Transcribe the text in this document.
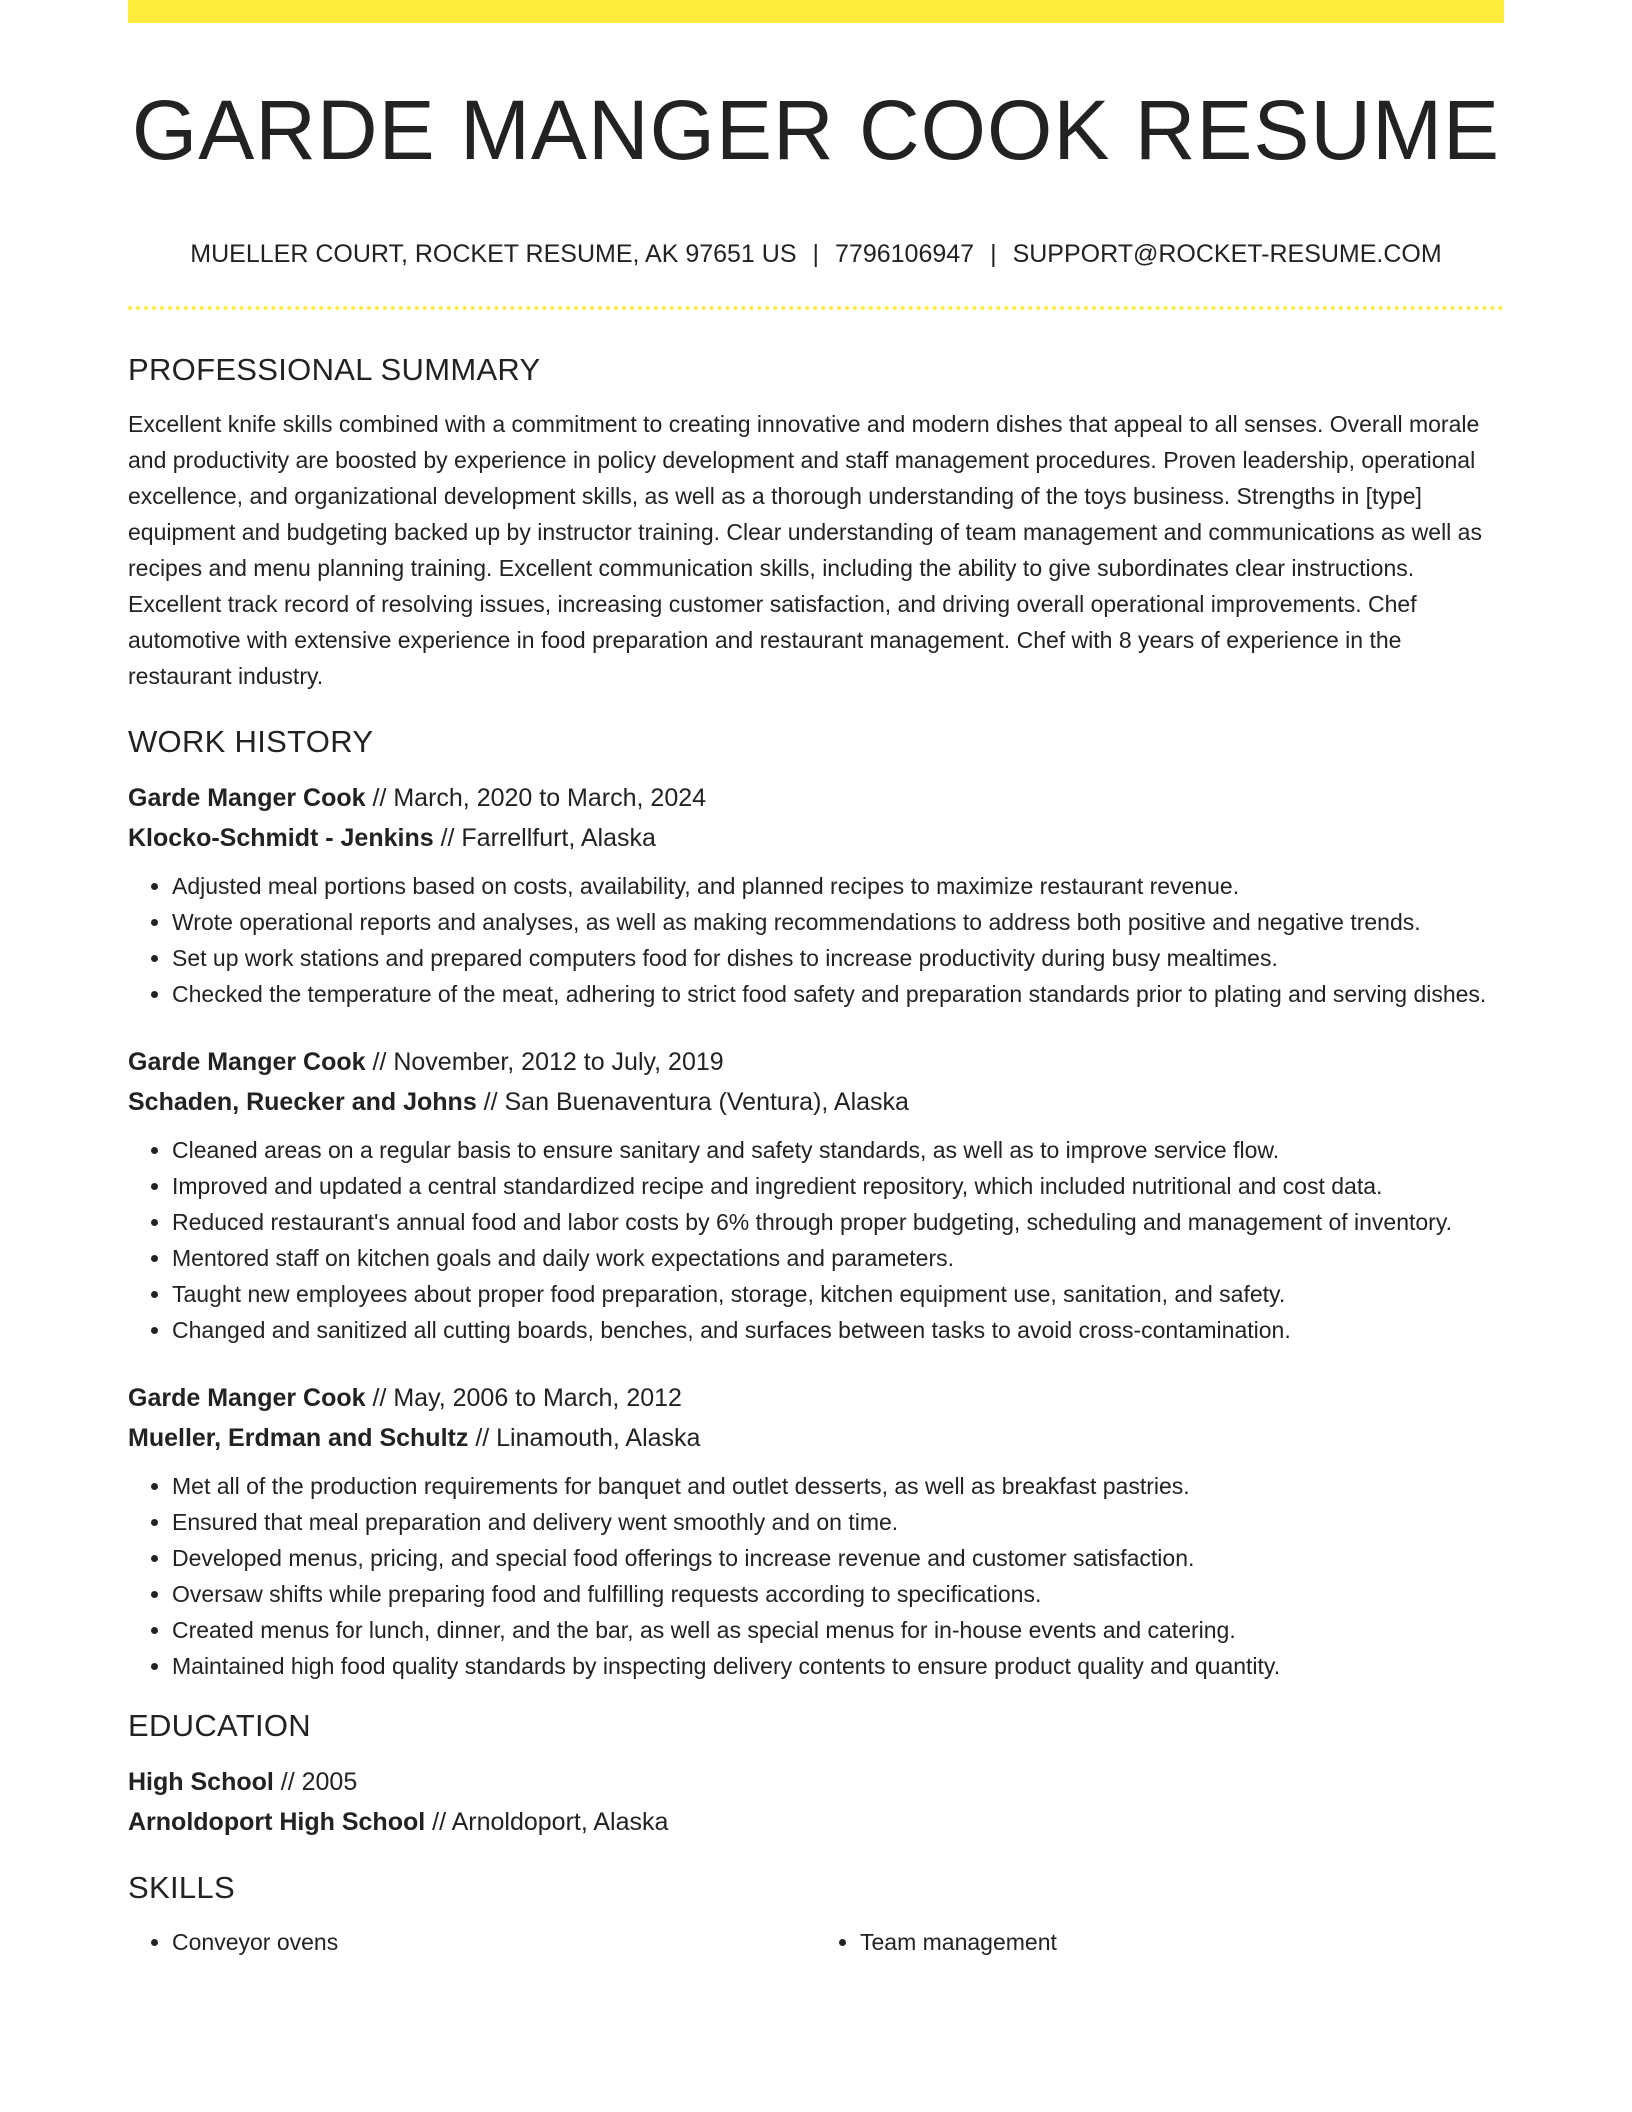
GARDE MANGER COOK RESUME
MUELLER COURT, ROCKET RESUME, AK 97651 US | 7796106947 | SUPPORT@ROCKET-RESUME.COM
PROFESSIONAL SUMMARY

Excellent knife skills combined with a commitment to creating innovative and modern dishes that appeal to all senses. Overall morale and productivity are boosted by experience in policy development and staff management procedures. Proven leadership, operational excellence, and organizational development skills, as well as a thorough understanding of the toys business. Strengths in [type] equipment and budgeting backed up by instructor training. Clear understanding of team management and communications as well as recipes and menu planning training. Excellent communication skills, including the ability to give subordinates clear instructions. Excellent track record of resolving issues, increasing customer satisfaction, and driving overall operational improvements. Chef automotive with extensive experience in food preparation and restaurant management. Chef with 8 years of experience in the restaurant industry.

WORK HISTORY
Garde Manger Cook // March, 2020 to March, 2024
Klocko-Schmidt - Jenkins // Farrellfurt, Alaska
• Adjusted meal portions based on costs, availability, and planned recipes to maximize restaurant revenue.
• Wrote operational reports and analyses, as well as making recommendations to address both positive and negative trends.
• Set up work stations and prepared computers food for dishes to increase productivity during busy mealtimes.
• Checked the temperature of the meat, adhering to strict food safety and preparation standards prior to plating and serving dishes.
Garde Manger Cook // November, 2012 to July, 2019
Schaden, Ruecker and Johns // San Buenaventura (Ventura), Alaska
• Cleaned areas on a regular basis to ensure sanitary and safety standards, as well as to improve service flow.
• Improved and updated a central standardized recipe and ingredient repository, which included nutritional and cost data.
• Reduced restaurant's annual food and labor costs by 6% through proper budgeting, scheduling and management of inventory.
• Mentored staff on kitchen goals and daily work expectations and parameters.
• Taught new employees about proper food preparation, storage, kitchen equipment use, sanitation, and safety.
• Changed and sanitized all cutting boards, benches, and surfaces between tasks to avoid cross-contamination.
Garde Manger Cook // May, 2006 to March, 2012
Mueller, Erdman and Schultz // Linamouth, Alaska
• Met all of the production requirements for banquet and outlet desserts, as well as breakfast pastries.
• Ensured that meal preparation and delivery went smoothly and on time.
• Developed menus, pricing, and special food offerings to increase revenue and customer satisfaction.
• Oversaw shifts while preparing food and fulfilling requests according to specifications.
• Created menus for lunch, dinner, and the bar, as well as special menus for in-house events and catering.
• Maintained high food quality standards by inspecting delivery contents to ensure product quality and quantity.
EDUCATION
High School // 2005
Arnoldoport High School // Arnoldoport, Alaska
SKILLS
• Conveyor ovens
•	Team management
